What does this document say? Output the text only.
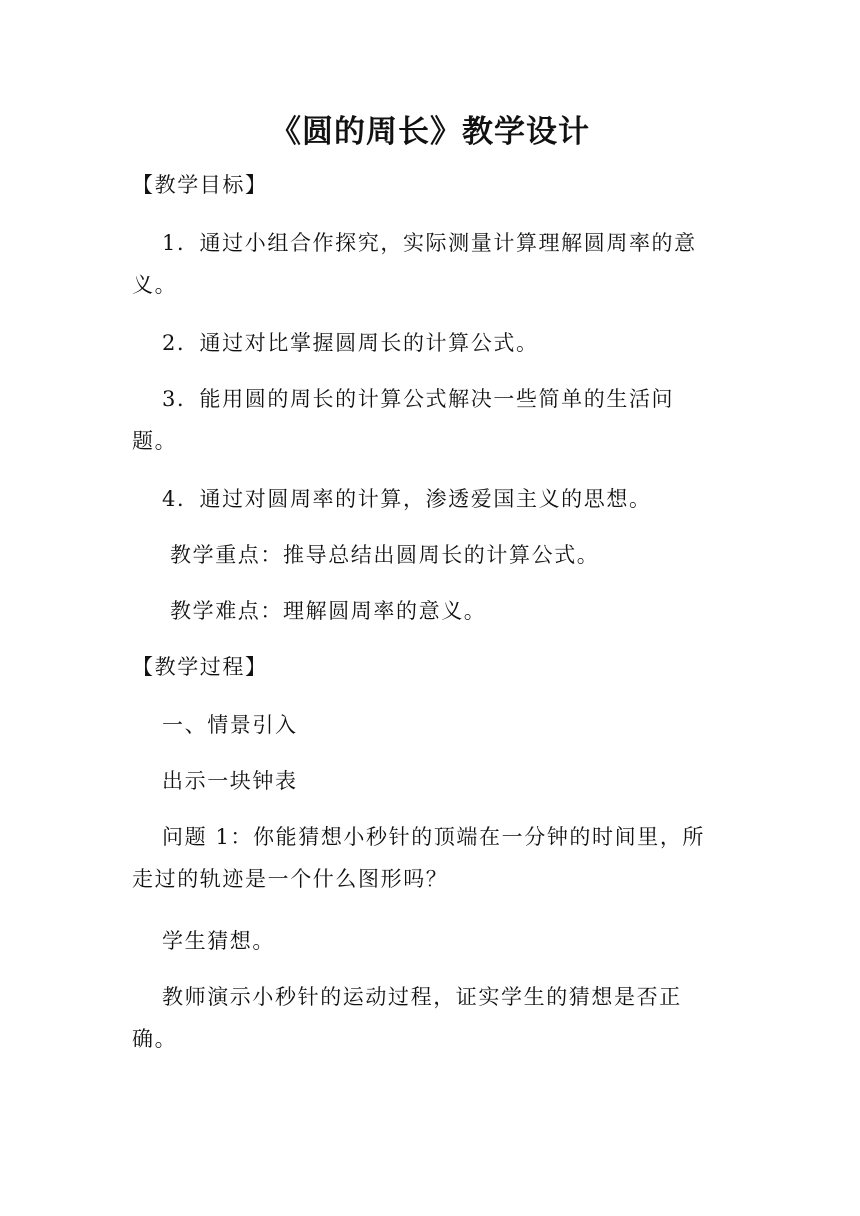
《圆的周长》教学设计

【教学目标】

1．通过小组合作探究，实际测量计算理解圆周率的意

义。

2．通过对比掌握圆周长的计算公式。

3．能用圆的周长的计算公式解决一些简单的生活问

题。

4．通过对圆周率的计算，渗透爱国主义的思想。

教学重点：推导总结出圆周长的计算公式。

教学难点：理解圆周率的意义。

【教学过程】

一、情景引入

出示一块钟表

问题 1：你能猜想小秒针的顶端在一分钟的时间里，所

走过的轨迹是一个什么图形吗？

学生猜想。

教师演示小秒针的运动过程，证实学生的猜想是否正

确。
